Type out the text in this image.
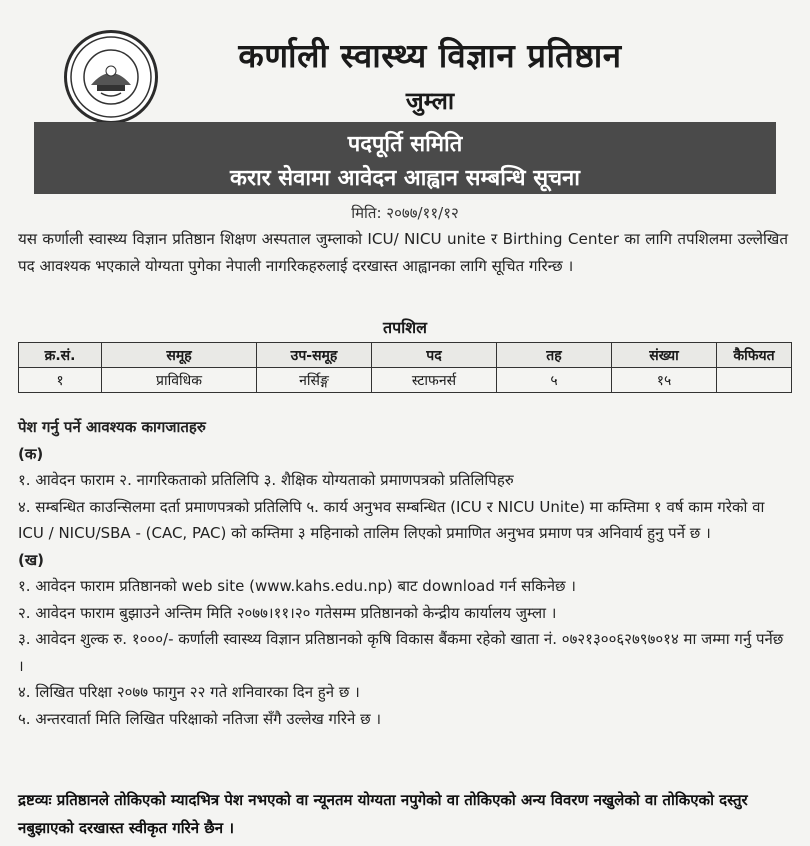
कर्णाली स्वास्थ्य विज्ञान प्रतिष्ठान
जुम्ला
पदपूर्ति समिति
करार सेवामा आवेदन आह्वान सम्बन्धि सूचना
मिति: २०७७/११/१२
यस कर्णाली स्वास्थ्य विज्ञान प्रतिष्ठान शिक्षण अस्पताल जुम्लाको ICU/ NICU unite र Birthing Center का लागि तपशिलमा उल्लेखित पद आवश्यक भएकाले योग्यता पुगेका नेपाली नागरिकहरुलाई दरखास्त आह्वानका लागि सूचित गरिन्छ ।
तपशिल
क्र.सं.	समूह	उप-समूह	पद	तह	संख्या	कैफियत
१	प्राविधिक	नर्सिङ्ग	स्टाफनर्स	५	१५	

पेश गर्नु पर्ने आवश्यक कागजातहरु

(क)

१. आवेदन फाराम २. नागरिकताको प्रतिलिपि ३. शैक्षिक योग्यताको प्रमाणपत्रको प्रतिलिपिहरु

४. सम्बन्धित काउन्सिलमा दर्ता प्रमाणपत्रको प्रतिलिपि ५. कार्य अनुभव सम्बन्धित (ICU र NICU Unite) मा कम्तिमा १ वर्ष काम गरेको वा ICU / NICU/SBA - (CAC, PAC) को कम्तिमा ३ महिनाको तालिम लिएको प्रमाणित अनुभव प्रमाण पत्र अनिवार्य हुनु पर्ने छ ।

(ख)

१. आवेदन फाराम प्रतिष्ठानको web site (www.kahs.edu.np) बाट download गर्न सकिनेछ ।

२. आवेदन फाराम बुझाउने अन्तिम मिति २०७७।११।२० गतेसम्म प्रतिष्ठानको केन्द्रीय कार्यालय जुम्ला ।

३. आवेदन शुल्क रु. १०००/- कर्णाली स्वास्थ्य विज्ञान प्रतिष्ठानको कृषि विकास बैंकमा रहेको खाता नं. ०७२१३००६२७९७०१४ मा जम्मा गर्नु पर्नेछ ।

४. लिखित परिक्षा २०७७ फागुन २२ गते शनिवारका दिन हुने छ ।

५. अन्तरवार्ता मिति लिखित परिक्षाको नतिजा सँगै उल्लेख गरिने छ ।

द्रष्टव्यः प्रतिष्ठानले तोकिएको म्यादभित्र पेश नभएको वा न्यूनतम योग्यता नपुगेको वा तोकिएको अन्य विवरण नखुलेको वा तोकिएको दस्तुर नबुझाएको दरखास्त स्वीकृत गरिने छैन ।
